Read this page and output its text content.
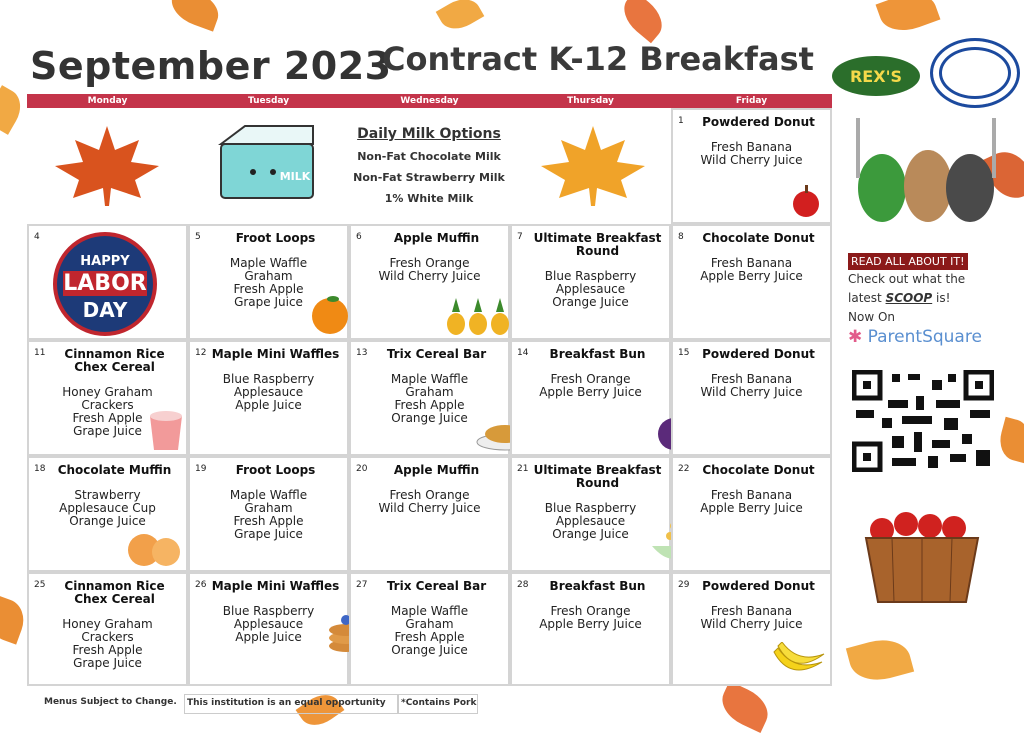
September 2023
Contract K-12 Breakfast REX'S
Monday	Tuesday	Wednesday	Thursday	Friday
MILK
Daily Milk Options
Non-Fat Chocolate Milk
Non-Fat Strawberry Milk
1% White Milk
1	Powdered Donut
Fresh Banana
Wild Cherry Juice
4
HAPPY
LABOR
DAY
5	Froot Loops
Maple Waffle
Graham
Fresh Apple
Grape Juice
6	Apple Muffin
Fresh Orange
Wild Cherry Juice
7 Ultimate Breakfast Round
Blue Raspberry
Applesauce
Orange Juice
8	Chocolate Donut
Fresh Banana
Apple Berry Juice
11	Cinnamon Rice Chex Cereal
Honey Graham
Crackers
Fresh Apple
Grape Juice
12 Maple Mini Waffles
Blue Raspberry
Applesauce
Apple Juice
13	Trix Cereal Bar
Maple Waffle
Graham
Fresh Apple
Orange Juice
14	Breakfast Bun
Fresh Orange
Apple Berry Juice
15	Powdered Donut
Fresh Banana
Wild Cherry Juice
18	Chocolate Muffin
Strawberry
Applesauce Cup
Orange Juice
19	Froot Loops
Maple Waffle
Graham
Fresh Apple
Grape Juice
20	Apple Muffin
Fresh Orange
Wild Cherry Juice
21 Ultimate Breakfast Round
Blue Raspberry
Applesauce
Orange Juice
22	Chocolate Donut
Fresh Banana
Apple Berry Juice
25	Cinnamon Rice Chex Cereal
Honey Graham
Crackers
Fresh Apple
Grape Juice
26 Maple Mini Waffles
Blue Raspberry
Applesauce
Apple Juice
27	Trix Cereal Bar
Maple Waffle
Graham
Fresh Apple
Orange Juice
28	Breakfast Bun
Fresh Orange
Apple Berry Juice
29	Powdered Donut
Fresh Banana
Wild Cherry Juice
READ ALL ABOUT IT!
Check out what the
latest SCOOP is!
Now On
✱ ParentSquare
Menus Subject to Change.	This institution is an equal opportunity	*Contains Pork
